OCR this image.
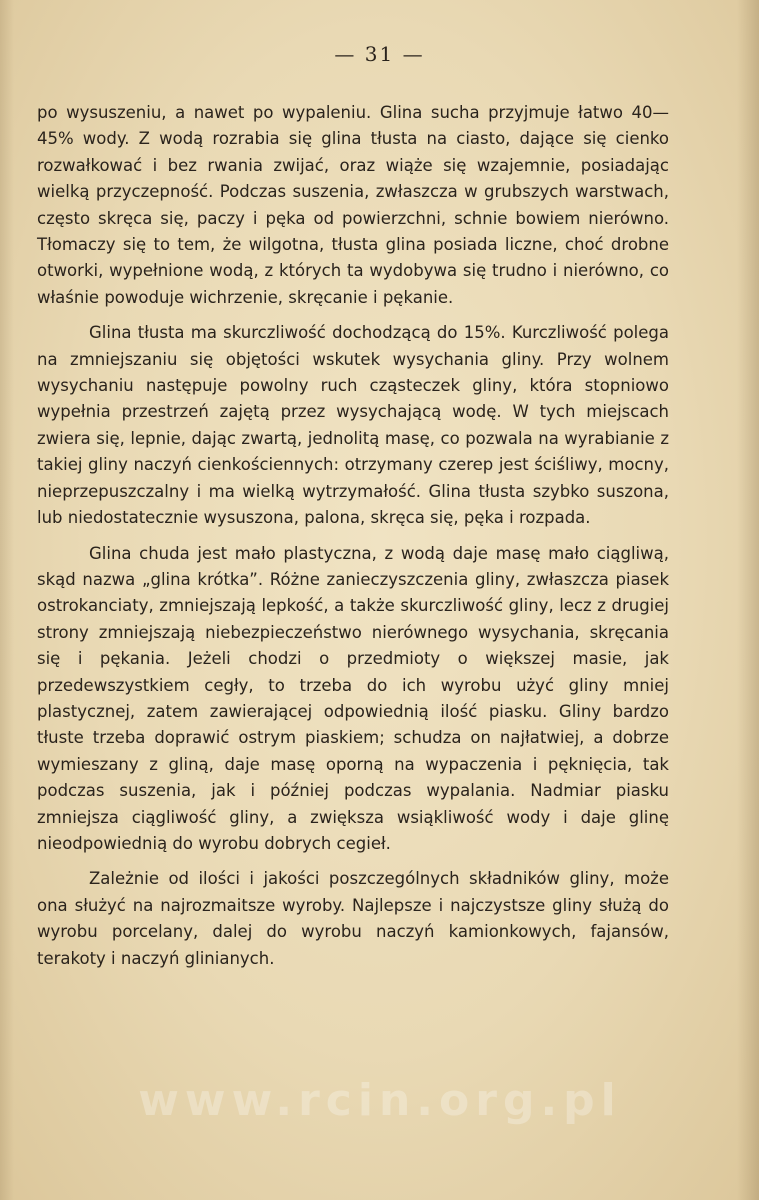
— 31 —

po wysuszeniu, a nawet po wypaleniu. Glina sucha przyjmuje łatwo 40—45% wody. Z wodą rozrabia się glina tłusta na ciasto, dające się cienko rozwałkować i bez rwania zwijać, oraz wiąże się wzajemnie, posiadając wielką przyczepność. Podczas suszenia, zwłaszcza w grubszych warstwach, często skręca się, paczy i pęka od powierzchni, schnie bowiem nierówno. Tłomaczy się to tem, że wilgotna, tłusta glina posiada liczne, choć drobne otworki, wypełnione wodą, z których ta wydobywa się trudno i nierówno, co właśnie powoduje wichrzenie, skręcanie i pękanie.

Glina tłusta ma skurczliwość dochodzącą do 15%. Kurczliwość polega na zmniejszaniu się objętości wskutek wysychania gliny. Przy wolnem wysychaniu następuje powolny ruch cząsteczek gliny, która stopniowo wypełnia przestrzeń zajętą przez wysychającą wodę. W tych miejscach zwiera się, lepnie, dając zwartą, jednolitą masę, co pozwala na wyrabianie z takiej gliny naczyń cienkościennych: otrzymany czerep jest ściśliwy, mocny, nieprzepuszczalny i ma wielką wytrzymałość. Glina tłusta szybko suszona, lub niedostatecznie wysuszona, palona, skręca się, pęka i rozpada.

Glina chuda jest mało plastyczna, z wodą daje masę mało ciągliwą, skąd nazwa „glina krótka”. Różne zanieczyszczenia gliny, zwłaszcza piasek ostrokanciaty, zmniejszają lepkość, a także skurczliwość gliny, lecz z drugiej strony zmniejszają niebezpieczeństwo nierównego wysychania, skręcania się i pękania. Jeżeli chodzi o przedmioty o większej masie, jak przedewszystkiem cegły, to trzeba do ich wyrobu użyć gliny mniej plastycznej, zatem zawierającej odpowiednią ilość piasku. Gliny bardzo tłuste trzeba doprawić ostrym piaskiem; schudza on najłatwiej, a dobrze wymieszany z gliną, daje masę oporną na wypaczenia i pęknięcia, tak podczas suszenia, jak i później podczas wypalania. Nadmiar piasku zmniejsza ciągliwość gliny, a zwiększa wsiąkliwość wody i daje glinę nieodpowiednią do wyrobu dobrych cegieł.

Zależnie od ilości i jakości poszczególnych składników gliny, może ona służyć na najrozmaitsze wyroby. Najlepsze i najczystsze gliny służą do wyrobu porcelany, dalej do wyrobu naczyń kamionkowych, fajansów, terakoty i naczyń glinianych.

www.rcin.org.pl
